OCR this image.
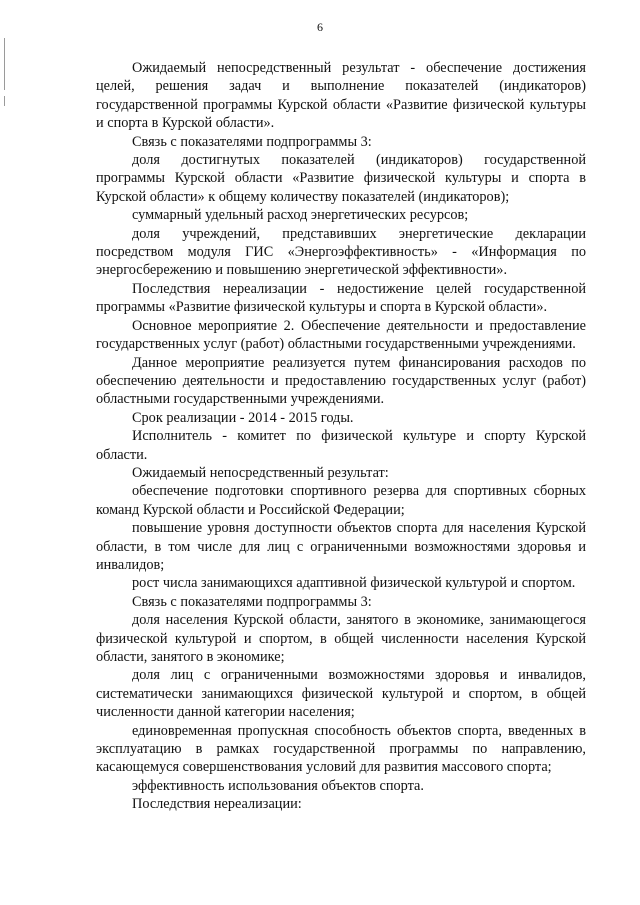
6

Ожидаемый непосредственный результат - обеспечение достижения целей, решения задач и выполнение показателей (индикаторов) государственной программы Курской области «Развитие физической культуры и спорта в Курской области».

Связь с показателями подпрограммы 3:

доля достигнутых показателей (индикаторов) государственной программы Курской области «Развитие физической культуры и спорта в Курской области» к общему количеству показателей (индикаторов);

суммарный удельный расход энергетических ресурсов;

доля учреждений, представивших энергетические декларации посредством модуля ГИС «Энергоэффективность» - «Информация по энергосбережению и повышению энергетической эффективности».

Последствия нереализации - недостижение целей государственной программы «Развитие физической культуры и спорта в Курской области».

Основное мероприятие 2. Обеспечение деятельности и предоставление государственных услуг (работ) областными государственными учреждениями.

Данное мероприятие реализуется путем финансирования расходов по обеспечению деятельности и предоставлению государственных услуг (работ) областными государственными учреждениями.

Срок реализации - 2014 - 2015 годы.

Исполнитель - комитет по физической культуре и спорту Курской области.

Ожидаемый непосредственный результат:

обеспечение подготовки спортивного резерва для спортивных сборных команд Курской области и Российской Федерации;

повышение уровня доступности объектов спорта для населения Курской области, в том числе для лиц с ограниченными возможностями здоровья и инвалидов;

рост числа занимающихся адаптивной физической культурой и спортом.

Связь с показателями подпрограммы 3:

доля населения Курской области, занятого в экономике, занимающегося физической культурой и спортом, в общей численности населения Курской области, занятого в экономике;

доля лиц с ограниченными возможностями здоровья и инвалидов, систематически занимающихся физической культурой и спортом, в общей численности данной категории населения;

единовременная пропускная способность объектов спорта, введенных в эксплуатацию в рамках государственной программы по направлению, касающемуся совершенствования условий для развития массового спорта;

эффективность использования объектов спорта.

Последствия нереализации:
